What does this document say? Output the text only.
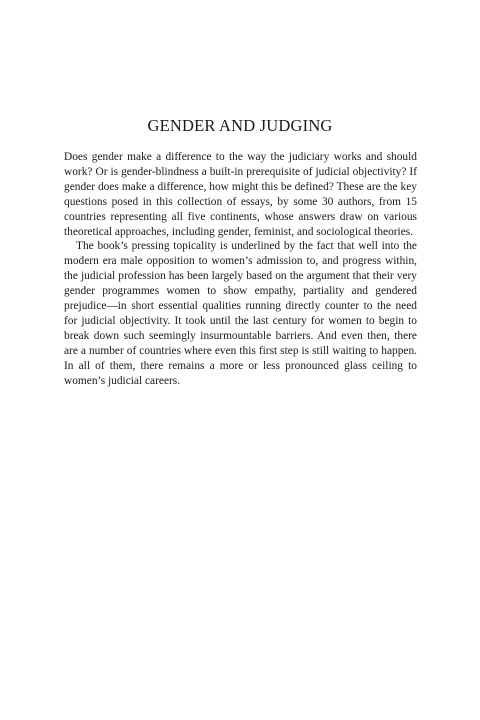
GENDER AND JUDGING

Does gender make a difference to the way the judiciary works and should work? Or is gender-blindness a built-in prerequisite of judicial objectivity? If gender does make a difference, how might this be defined? These are the key questions posed in this collection of essays, by some 30 authors, from 15 countries representing all five continents, whose answers draw on various theoretical approaches, including gender, feminist, and sociological theories.

The book’s pressing topicality is underlined by the fact that well into the modern era male opposition to women’s admission to, and progress within, the judicial profession has been largely based on the argument that their very gender programmes women to show empathy, partiality and gendered prejudice—in short essential qualities running directly counter to the need for judicial objectivity. It took until the last century for women to begin to break down such seemingly insurmountable barriers. And even then, there are a number of countries where even this first step is still waiting to happen. In all of them, there remains a more or less pronounced glass ceiling to women’s judicial careers.
